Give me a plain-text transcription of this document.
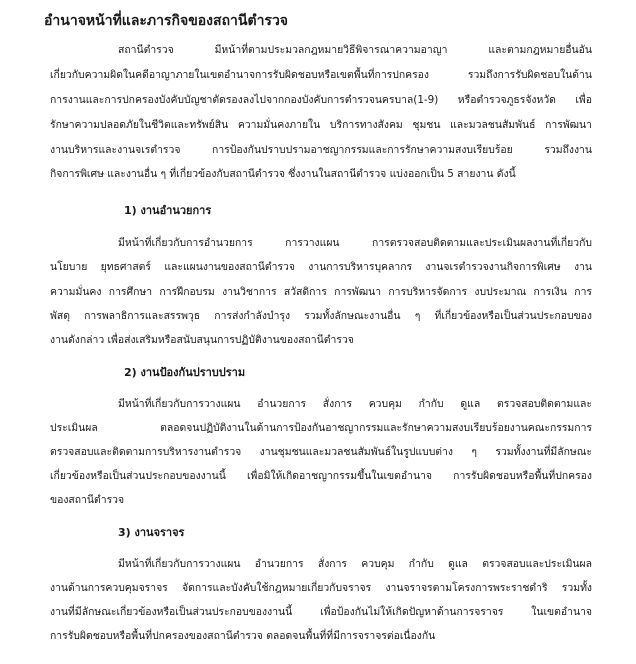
อำนาจหน้าที่และภารกิจของสถานีตำรวจ
สถานีตำรวจ มีหน้าที่ตามประมวลกฎหมายวิธีพิจารณาความอาญา และตามกฎหมายอื่นอัน
เกี่ยวกับความผิดในคดีอาญาภายในเขตอำนาจการรับผิดชอบหรือเขตพื้นที่การปกครอง รวมถึงการรับผิดชอบในด้าน
การงานและการปกครองบังคับบัญชาตัดรองลงไปจากกองบังคับการตำรวจนครบาล(1-9) หรือตำรวจภูธรจังหวัด เพื่อ
รักษาความปลอดภัยในชีวิตและทรัพย์สิน ความมั่นคงภายใน บริการทางสังคม ชุมชน และมวลชนสัมพันธ์ การพัฒนา
งานบริหารและงานจเรตำรวจ การป้องกันปราบปรามอาชญากรรมและการรักษาความสงบเรียบร้อย รวมถึงงาน
กิจการพิเศษ และงานอื่น ๆ ที่เกี่ยวข้องกับสถานีตำรวจ ซึ่งงานในสถานีตำรวจ แบ่งออกเป็น 5 สายงาน ดังนี้
1) งานอำนวยการ
มีหน้าที่เกี่ยวกับการอำนวยการ การวางแผน การตรวจสอบติดตามและประเมินผลงานที่เกี่ยวกับ
นโยบาย ยุทธศาสตร์ และแผนงานของสถานีตำรวจ งานการบริหารบุคลากร งานจเรตำรวจงานกิจการพิเศษ งาน
ความมั่นคง การศึกษา การฝึกอบรม งานวิชาการ สวัสดิการ การพัฒนา การบริหารจัดการ งบประมาณ การเงิน การ
พัสดุ การพลาธิการและสรรพวุธ การส่งกำลังบำรุง รวมทั้งลักษณะงานอื่น ๆ ที่เกี่ยวข้องหรือเป็นส่วนประกอบของ
งานดังกล่าว เพื่อส่งเสริมหรือสนับสนุนการปฏิบัติงานของสถานีตำรวจ
2) งานป้องกันปราบปราม
มีหน้าที่เกี่ยวกับการวางแผน อำนวยการ สั่งการ ควบคุม กำกับ ดูแล ตรวจสอบติดตามและ
ประเมินผล ตลอดจนปฏิบัติงานในด้านการป้องกันอาชญากรรมและรักษาความสงบเรียบร้อยงานคณะกรรมการ
ตรวจสอบและติดตามการบริหารงานตำรวจ งานชุมชนและมวลชนสัมพันธ์ในรูปแบบต่าง ๆ รวมทั้งงานที่มีลักษณะ
เกี่ยวข้องหรือเป็นส่วนประกอบของงานนี้ เพื่อมิให้เกิดอาชญากรรมขึ้นในเขตอำนาจ การรับผิดชอบหรือพื้นที่ปกครอง
ของสถานีตำรวจ
3) งานจราจร
มีหน้าที่เกี่ยวกับการวางแผน อำนวยการ สั่งการ ควบคุม กำกับ ดูแล ตรวจสอบและประเมินผล
งานด้านการควบคุมจราจร จัดการและบังคับใช้กฎหมายเกี่ยวกับจราจร งานจราจรตามโครงการพระราชดำริ รวมทั้ง
งานที่มีลักษณะเกี่ยวข้องหรือเป็นส่วนประกอบของงานนี้ เพื่อป้องกันไม่ให้เกิดปัญหาด้านการจราจร ในเขตอำนาจ
การรับผิดชอบหรือพื้นที่ปกครองของสถานีตำรวจ ตลอดจนพื้นที่ที่มีการจราจรต่อเนื่องกัน
